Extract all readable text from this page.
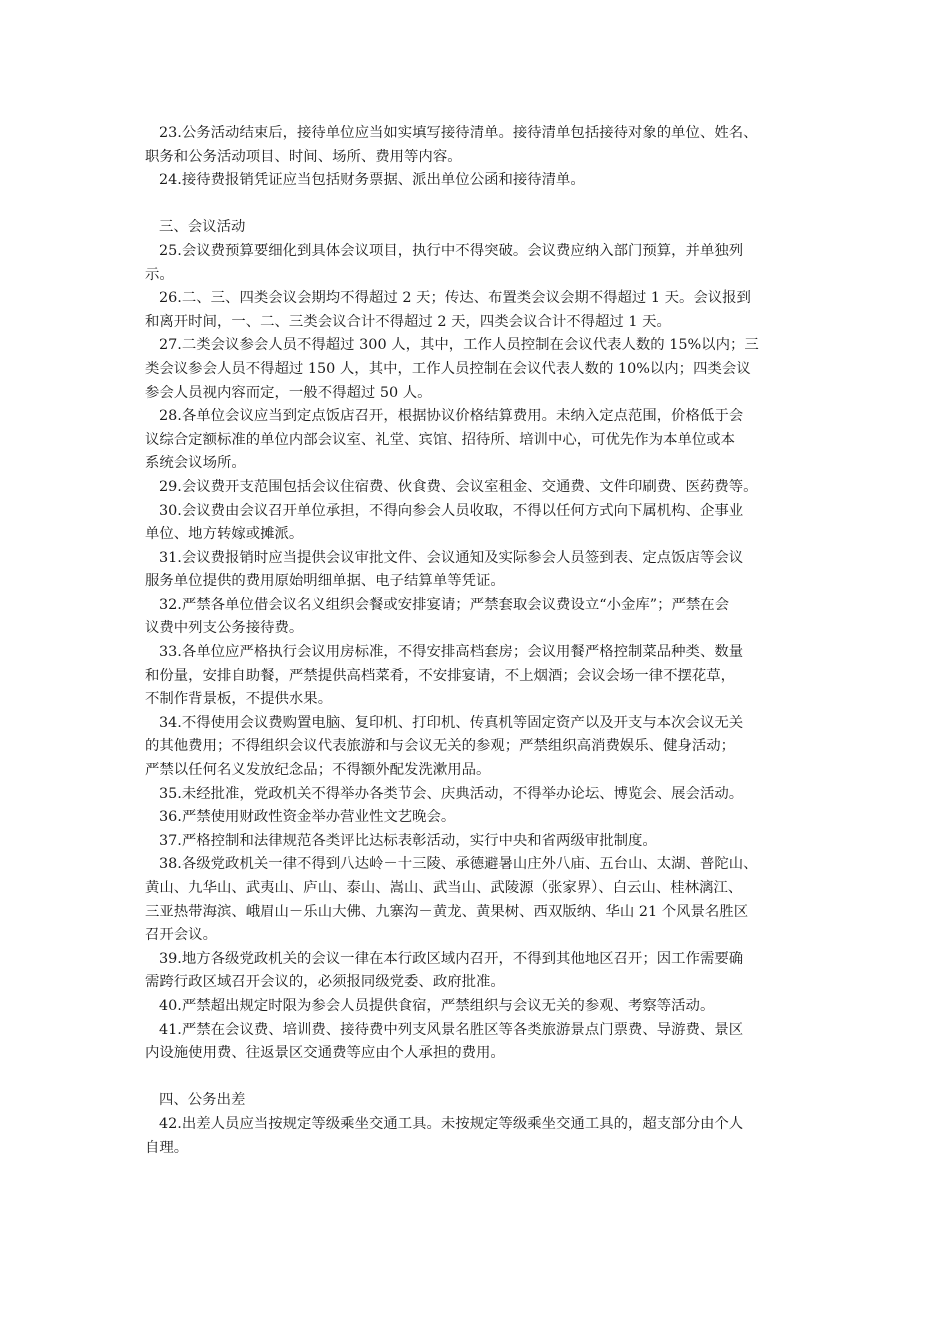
23.公务活动结束后，接待单位应当如实填写接待清单。接待清单包括接待对象的单位、姓名、
职务和公务活动项目、时间、场所、费用等内容。

24.接待费报销凭证应当包括财务票据、派出单位公函和接待清单。

三、会议活动

25.会议费预算要细化到具体会议项目，执行中不得突破。会议费应纳入部门预算，并单独列
示。

26.二、三、四类会议会期均不得超过 2 天；传达、布置类会议会期不得超过 1 天。会议报到
和离开时间，一、二、三类会议合计不得超过 2 天，四类会议合计不得超过 1 天。

27.二类会议参会人员不得超过 300 人，其中，工作人员控制在会议代表人数的 15%以内；三
类会议参会人员不得超过 150 人，其中，工作人员控制在会议代表人数的 10%以内；四类会议
参会人员视内容而定，一般不得超过 50 人。

28.各单位会议应当到定点饭店召开，根据协议价格结算费用。未纳入定点范围，价格低于会
议综合定额标准的单位内部会议室、礼堂、宾馆、招待所、培训中心，可优先作为本单位或本
系统会议场所。

29.会议费开支范围包括会议住宿费、伙食费、会议室租金、交通费、文件印刷费、医药费等。

30.会议费由会议召开单位承担，不得向参会人员收取，不得以任何方式向下属机构、企事业
单位、地方转嫁或摊派。

31.会议费报销时应当提供会议审批文件、会议通知及实际参会人员签到表、定点饭店等会议
服务单位提供的费用原始明细单据、电子结算单等凭证。

32.严禁各单位借会议名义组织会餐或安排宴请；严禁套取会议费设立“小金库”；严禁在会
议费中列支公务接待费。

33.各单位应严格执行会议用房标准，不得安排高档套房；会议用餐严格控制菜品种类、数量
和份量，安排自助餐，严禁提供高档菜肴，不安排宴请，不上烟酒；会议会场一律不摆花草，
不制作背景板，不提供水果。

34.不得使用会议费购置电脑、复印机、打印机、传真机等固定资产以及开支与本次会议无关
的其他费用；不得组织会议代表旅游和与会议无关的参观；严禁组织高消费娱乐、健身活动；
严禁以任何名义发放纪念品；不得额外配发洗漱用品。

35.未经批准，党政机关不得举办各类节会、庆典活动，不得举办论坛、博览会、展会活动。

36.严禁使用财政性资金举办营业性文艺晚会。

37.严格控制和法律规范各类评比达标表彰活动，实行中央和省两级审批制度。

38.各级党政机关一律不得到八达岭－十三陵、承德避暑山庄外八庙、五台山、太湖、普陀山、
黄山、九华山、武夷山、庐山、泰山、嵩山、武当山、武陵源（张家界）、白云山、桂林漓江、
三亚热带海滨、峨眉山－乐山大佛、九寨沟－黄龙、黄果树、西双版纳、华山 21 个风景名胜区
召开会议。

39.地方各级党政机关的会议一律在本行政区域内召开，不得到其他地区召开；因工作需要确
需跨行政区域召开会议的，必须报同级党委、政府批准。

40.严禁超出规定时限为参会人员提供食宿，严禁组织与会议无关的参观、考察等活动。

41.严禁在会议费、培训费、接待费中列支风景名胜区等各类旅游景点门票费、导游费、景区
内设施使用费、往返景区交通费等应由个人承担的费用。

四、公务出差

42.出差人员应当按规定等级乘坐交通工具。未按规定等级乘坐交通工具的，超支部分由个人
自理。
